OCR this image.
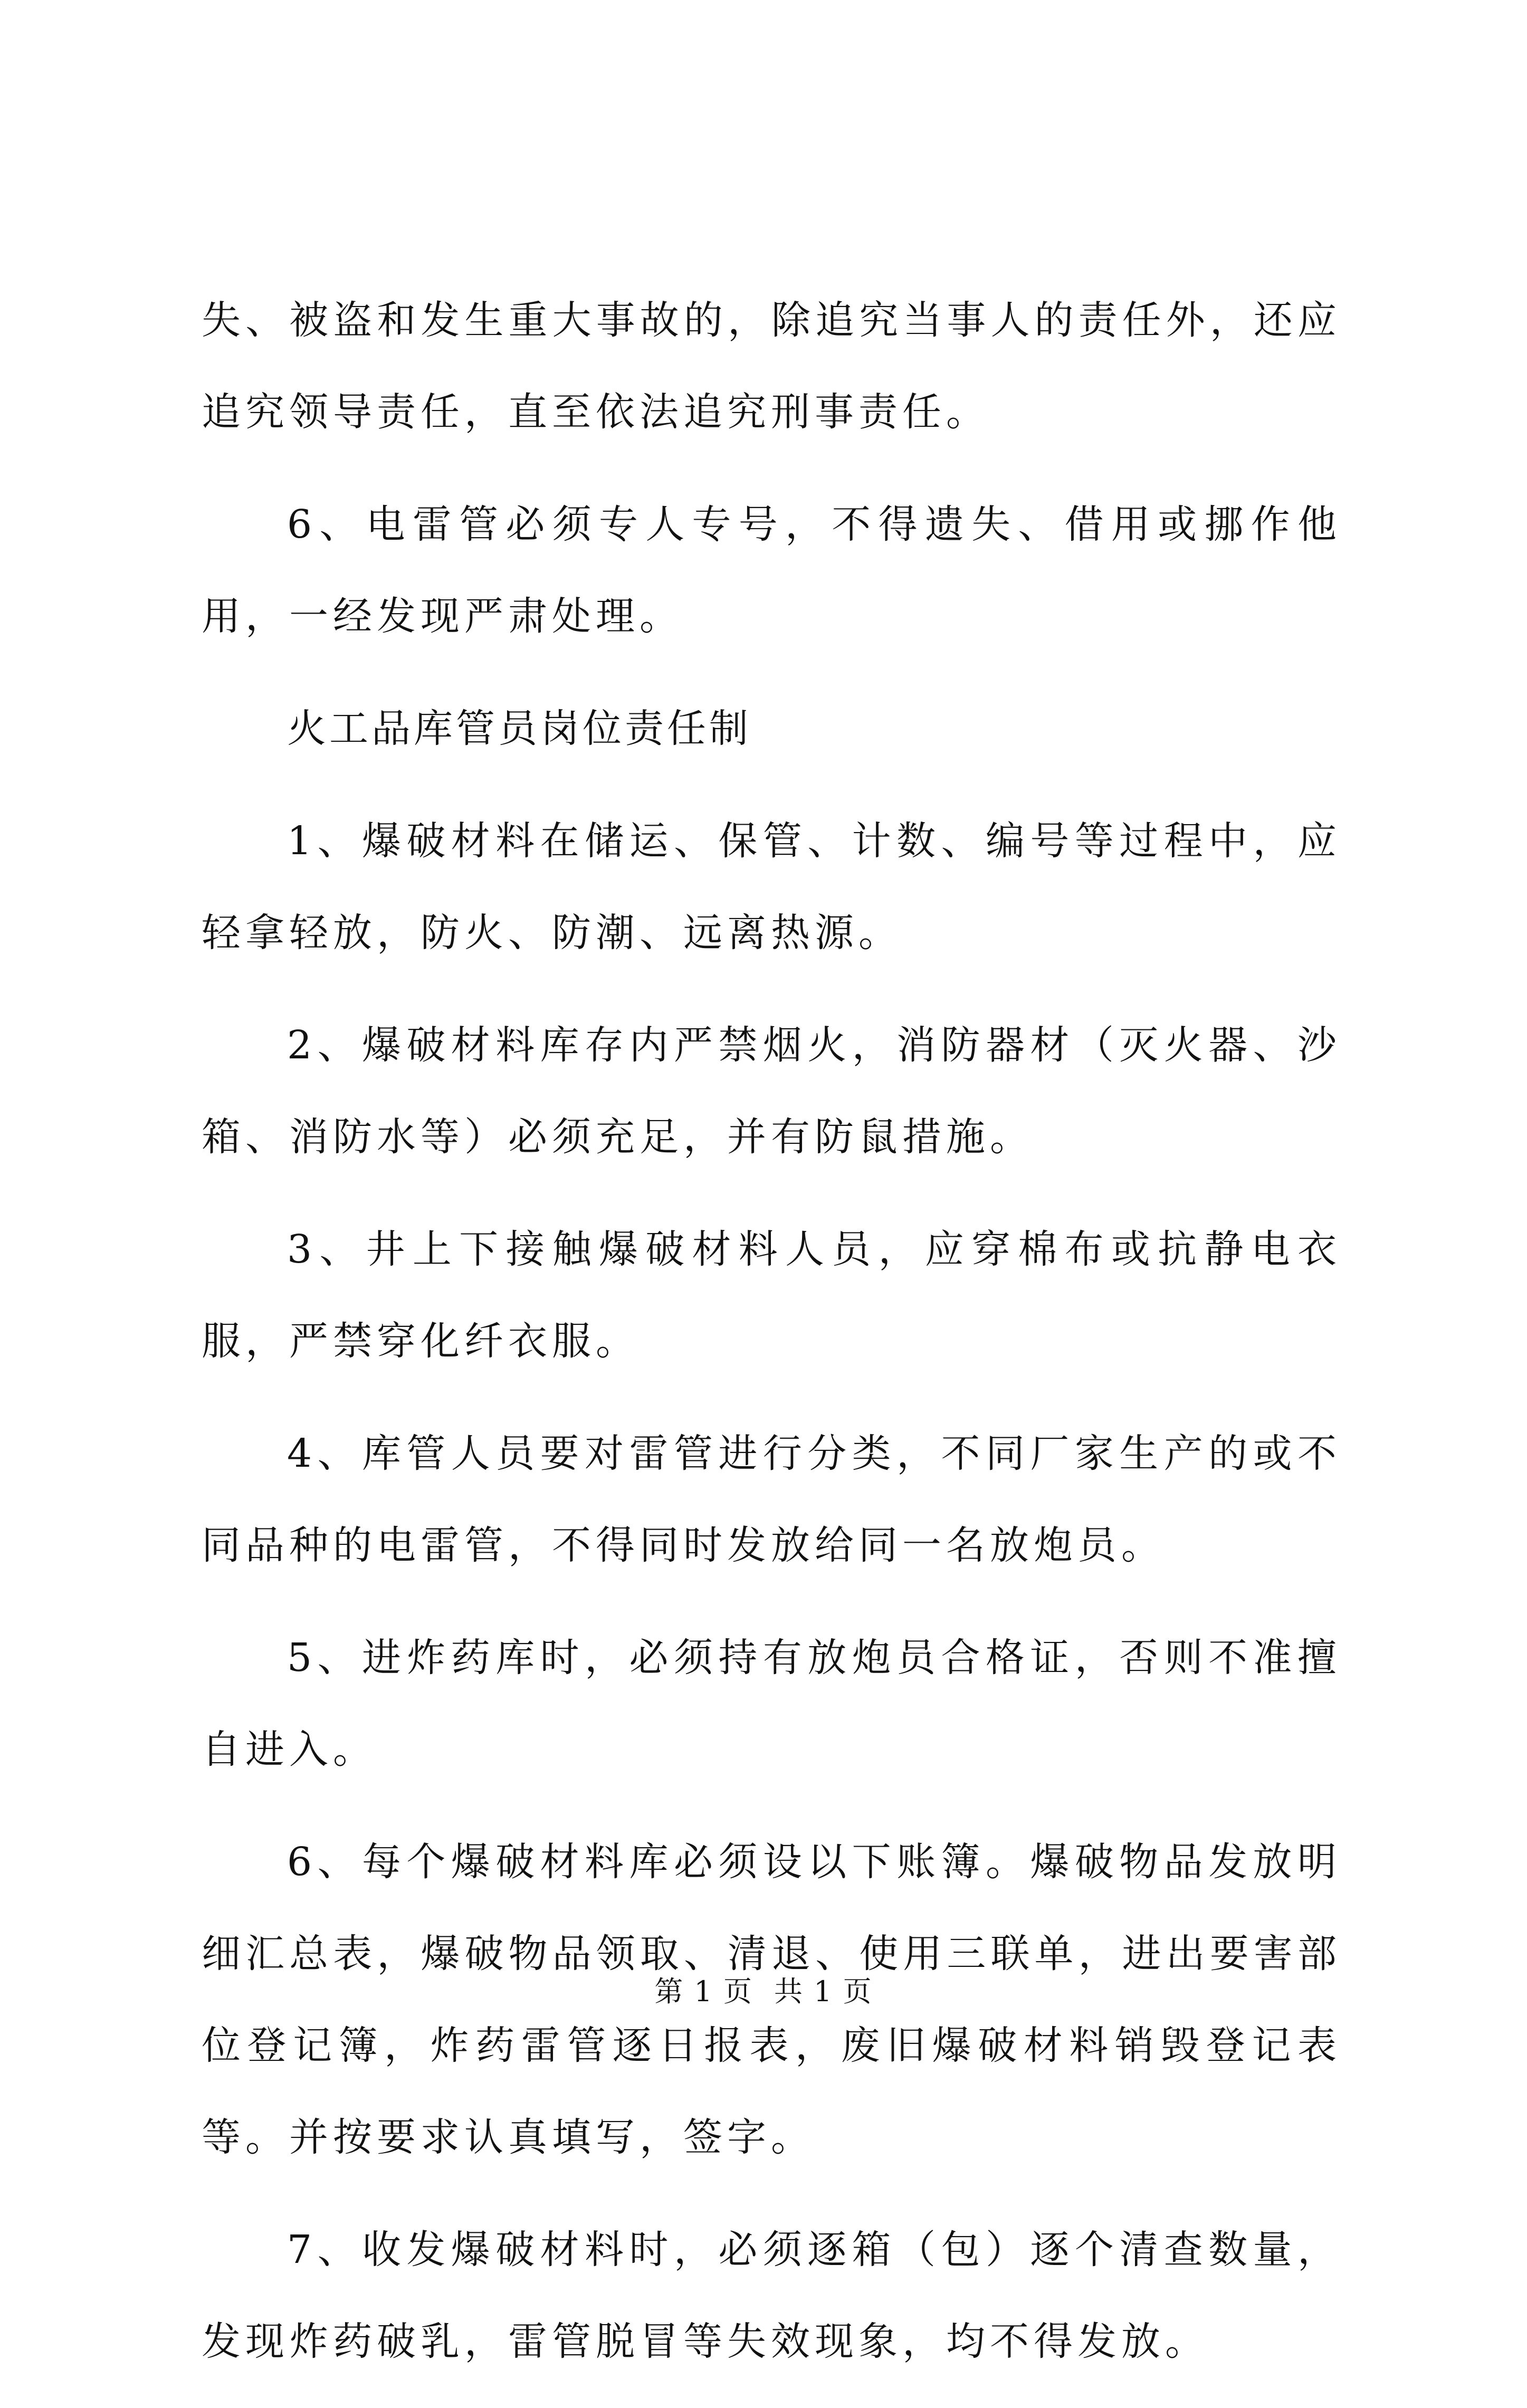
失、被盗和发生重大事故的，除追究当事人的责任外，还应追究领导责任，直至依法追究刑事责任。

6、电雷管必须专人专号，不得遗失、借用或挪作他用，一经发现严肃处理。

火工品库管员岗位责任制

1、爆破材料在储运、保管、计数、编号等过程中，应轻拿轻放，防火、防潮、远离热源。

2、爆破材料库存内严禁烟火，消防器材（灭火器、沙箱、消防水等）必须充足，并有防鼠措施。

3、井上下接触爆破材料人员，应穿棉布或抗静电衣服，严禁穿化纤衣服。

4、库管人员要对雷管进行分类，不同厂家生产的或不同品种的电雷管，不得同时发放给同一名放炮员。

5、进炸药库时，必须持有放炮员合格证，否则不准擅自进入。

6、每个爆破材料库必须设以下账簿。爆破物品发放明细汇总表，爆破物品领取、清退、使用三联单，进出要害部位登记簿，炸药雷管逐日报表，废旧爆破材料销毁登记表等。并按要求认真填写，签字。

7、收发爆破材料时，必须逐箱（包）逐个清查数量，发现炸药破乳，雷管脱冒等失效现象，均不得发放。

第 1 页 共 1 页
